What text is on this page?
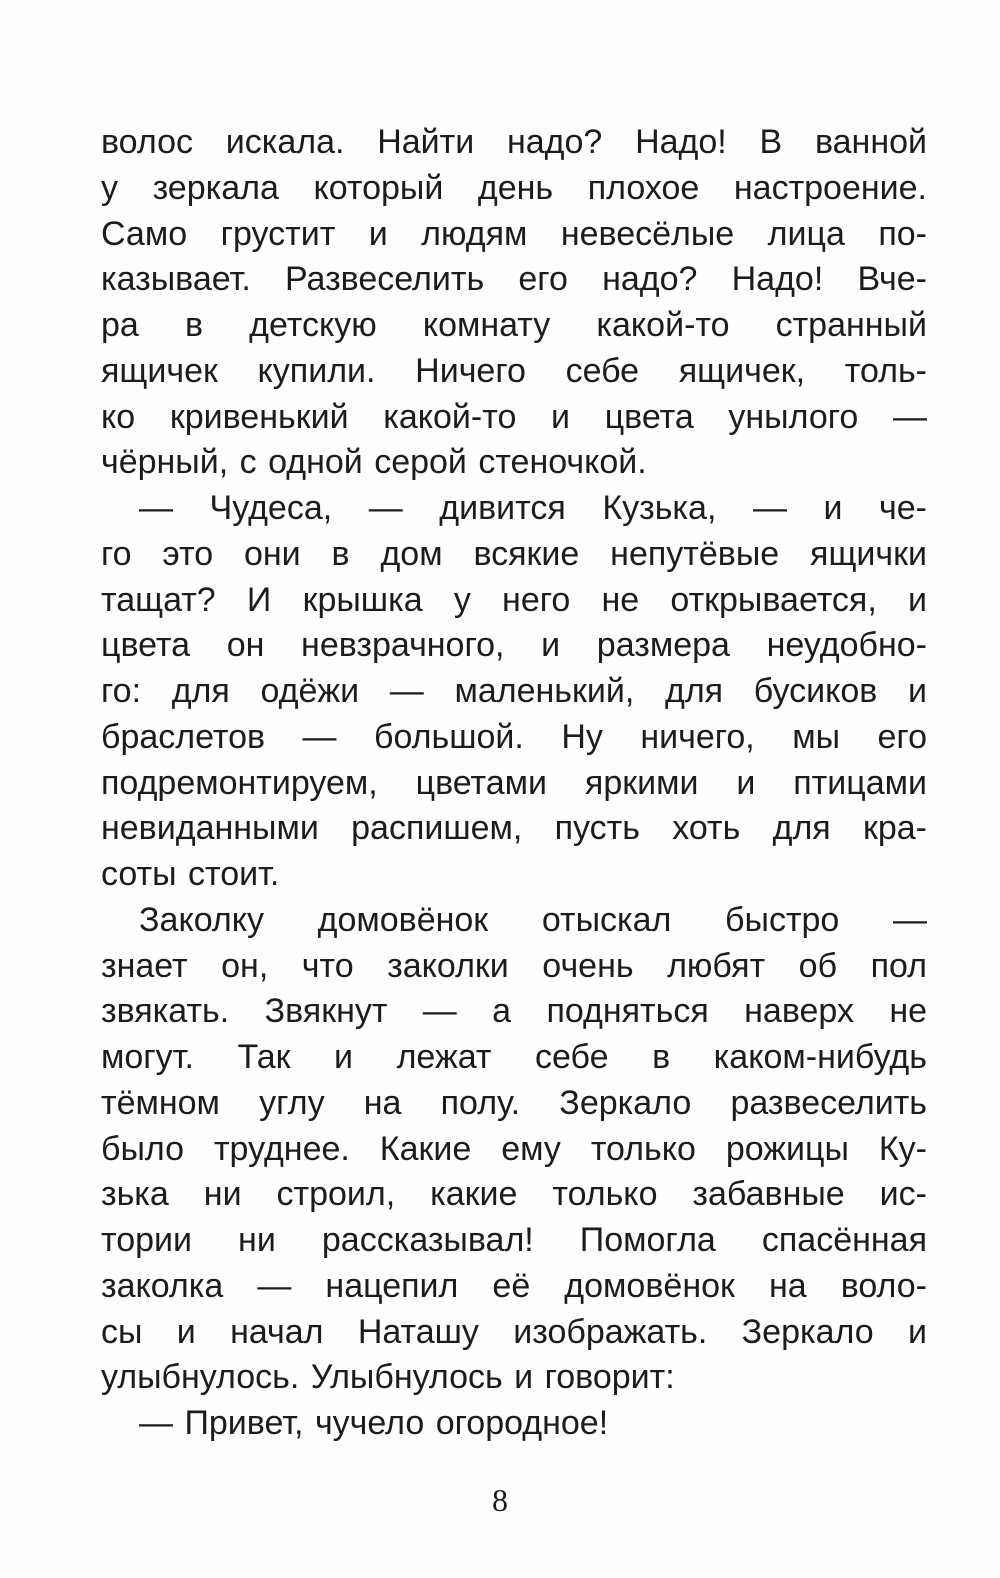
волос искала. Найти надо? Надо! В ванной
у зеркала который день плохое настроение.
Само грустит и людям невесёлые лица по-
казывает. Развеселить его надо? Надо! Вче-
ра в детскую комнату какой-то странный
ящичек купили. Ничего себе ящичек, толь-
ко кривенький какой-то и цвета унылого —
чёрный, с одной серой стеночкой.
— Чудеса, — дивится Кузька, — и че-
го это они в дом всякие непутёвые ящички
тащат? И крышка у него не открывается, и
цвета он невзрачного, и размера неудобно-
го: для одёжи — маленький, для бусиков и
браслетов — большой. Ну ничего, мы его
подремонтируем, цветами яркими и птицами
невиданными распишем, пусть хоть для кра-
соты стоит.
Заколку домовёнок отыскал быстро —
знает он, что заколки очень любят об пол
звякать. Звякнут — а подняться наверх не
могут. Так и лежат себе в каком-нибудь
тёмном углу на полу. Зеркало развеселить
было труднее. Какие ему только рожицы Ку-
зька ни строил, какие только забавные ис-
тории ни рассказывал! Помогла спасённая
заколка — нацепил её домовёнок на воло-
сы и начал Наташу изображать. Зеркало и
улыбнулось. Улыбнулось и говорит:
— Привет, чучело огородное!
8
